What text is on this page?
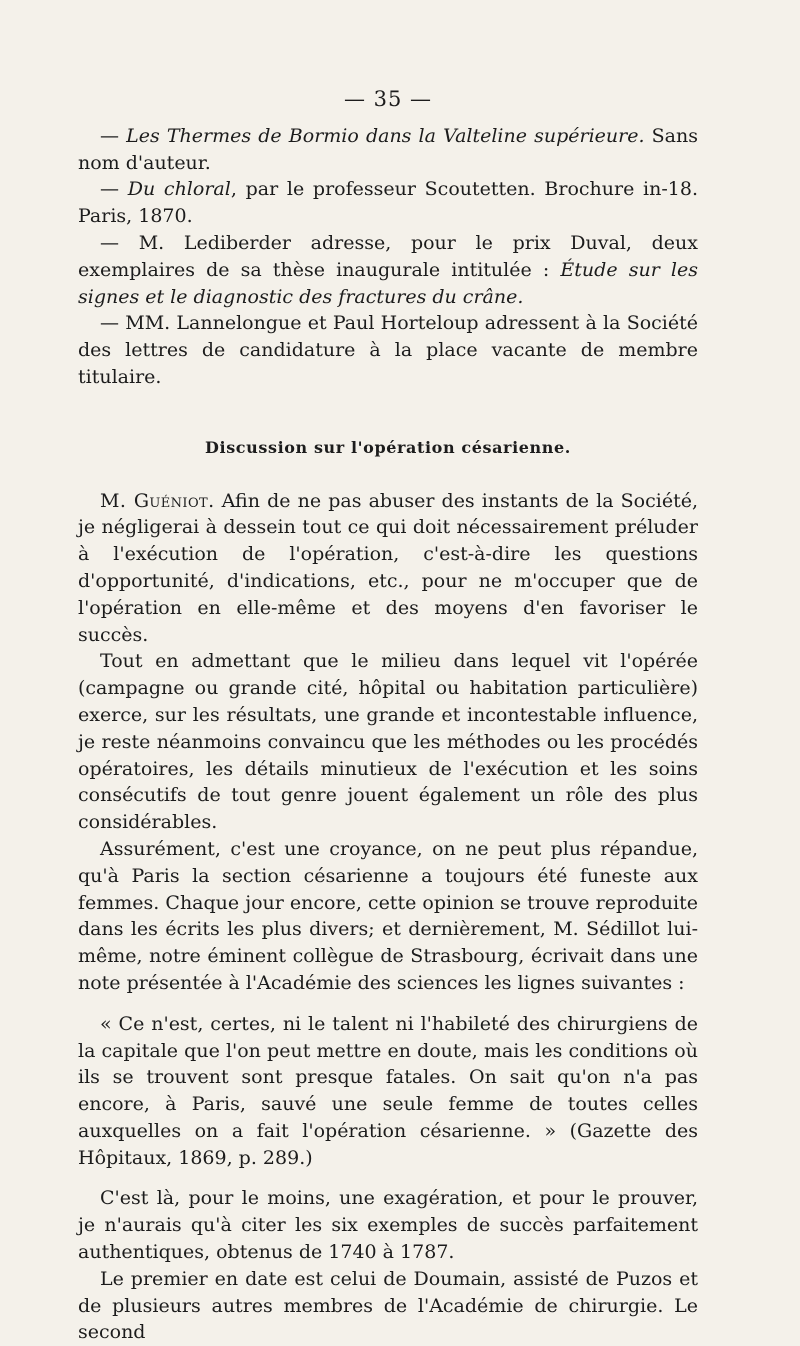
— 35 —

— Les Thermes de Bormio dans la Valteline supérieure. Sans nom d'auteur.

— Du chloral, par le professeur Scoutetten. Brochure in-18. Paris, 1870.

— M. Lediberder adresse, pour le prix Duval, deux exemplaires de sa thèse inaugurale intitulée : Étude sur les signes et le diagnostic des fractures du crâne.

— MM. Lannelongue et Paul Horteloup adressent à la Société des lettres de candidature à la place vacante de membre titulaire.

Discussion sur l'opération césarienne.

M. Guéniot. Afin de ne pas abuser des instants de la Société, je négligerai à dessein tout ce qui doit nécessairement préluder à l'exécution de l'opération, c'est-à-dire les questions d'opportunité, d'indications, etc., pour ne m'occuper que de l'opération en elle-même et des moyens d'en favoriser le succès.

Tout en admettant que le milieu dans lequel vit l'opérée (campagne ou grande cité, hôpital ou habitation particulière) exerce, sur les résultats, une grande et incontestable influence, je reste néanmoins convaincu que les méthodes ou les procédés opératoires, les détails minutieux de l'exécution et les soins consécutifs de tout genre jouent également un rôle des plus considérables.

Assurément, c'est une croyance, on ne peut plus répandue, qu'à Paris la section césarienne a toujours été funeste aux femmes. Chaque jour encore, cette opinion se trouve reproduite dans les écrits les plus divers; et dernièrement, M. Sédillot lui-même, notre éminent collègue de Strasbourg, écrivait dans une note présentée à l'Académie des sciences les lignes suivantes :

« Ce n'est, certes, ni le talent ni l'habileté des chirurgiens de la capitale que l'on peut mettre en doute, mais les conditions où ils se trouvent sont presque fatales. On sait qu'on n'a pas encore, à Paris, sauvé une seule femme de toutes celles auxquelles on a fait l'opération césarienne. » (Gazette des Hôpitaux, 1869, p. 289.)

C'est là, pour le moins, une exagération, et pour le prouver, je n'aurais qu'à citer les six exemples de succès parfaitement authentiques, obtenus de 1740 à 1787.

Le premier en date est celui de Doumain, assisté de Puzos et de plusieurs autres membres de l'Académie de chirurgie. Le second
